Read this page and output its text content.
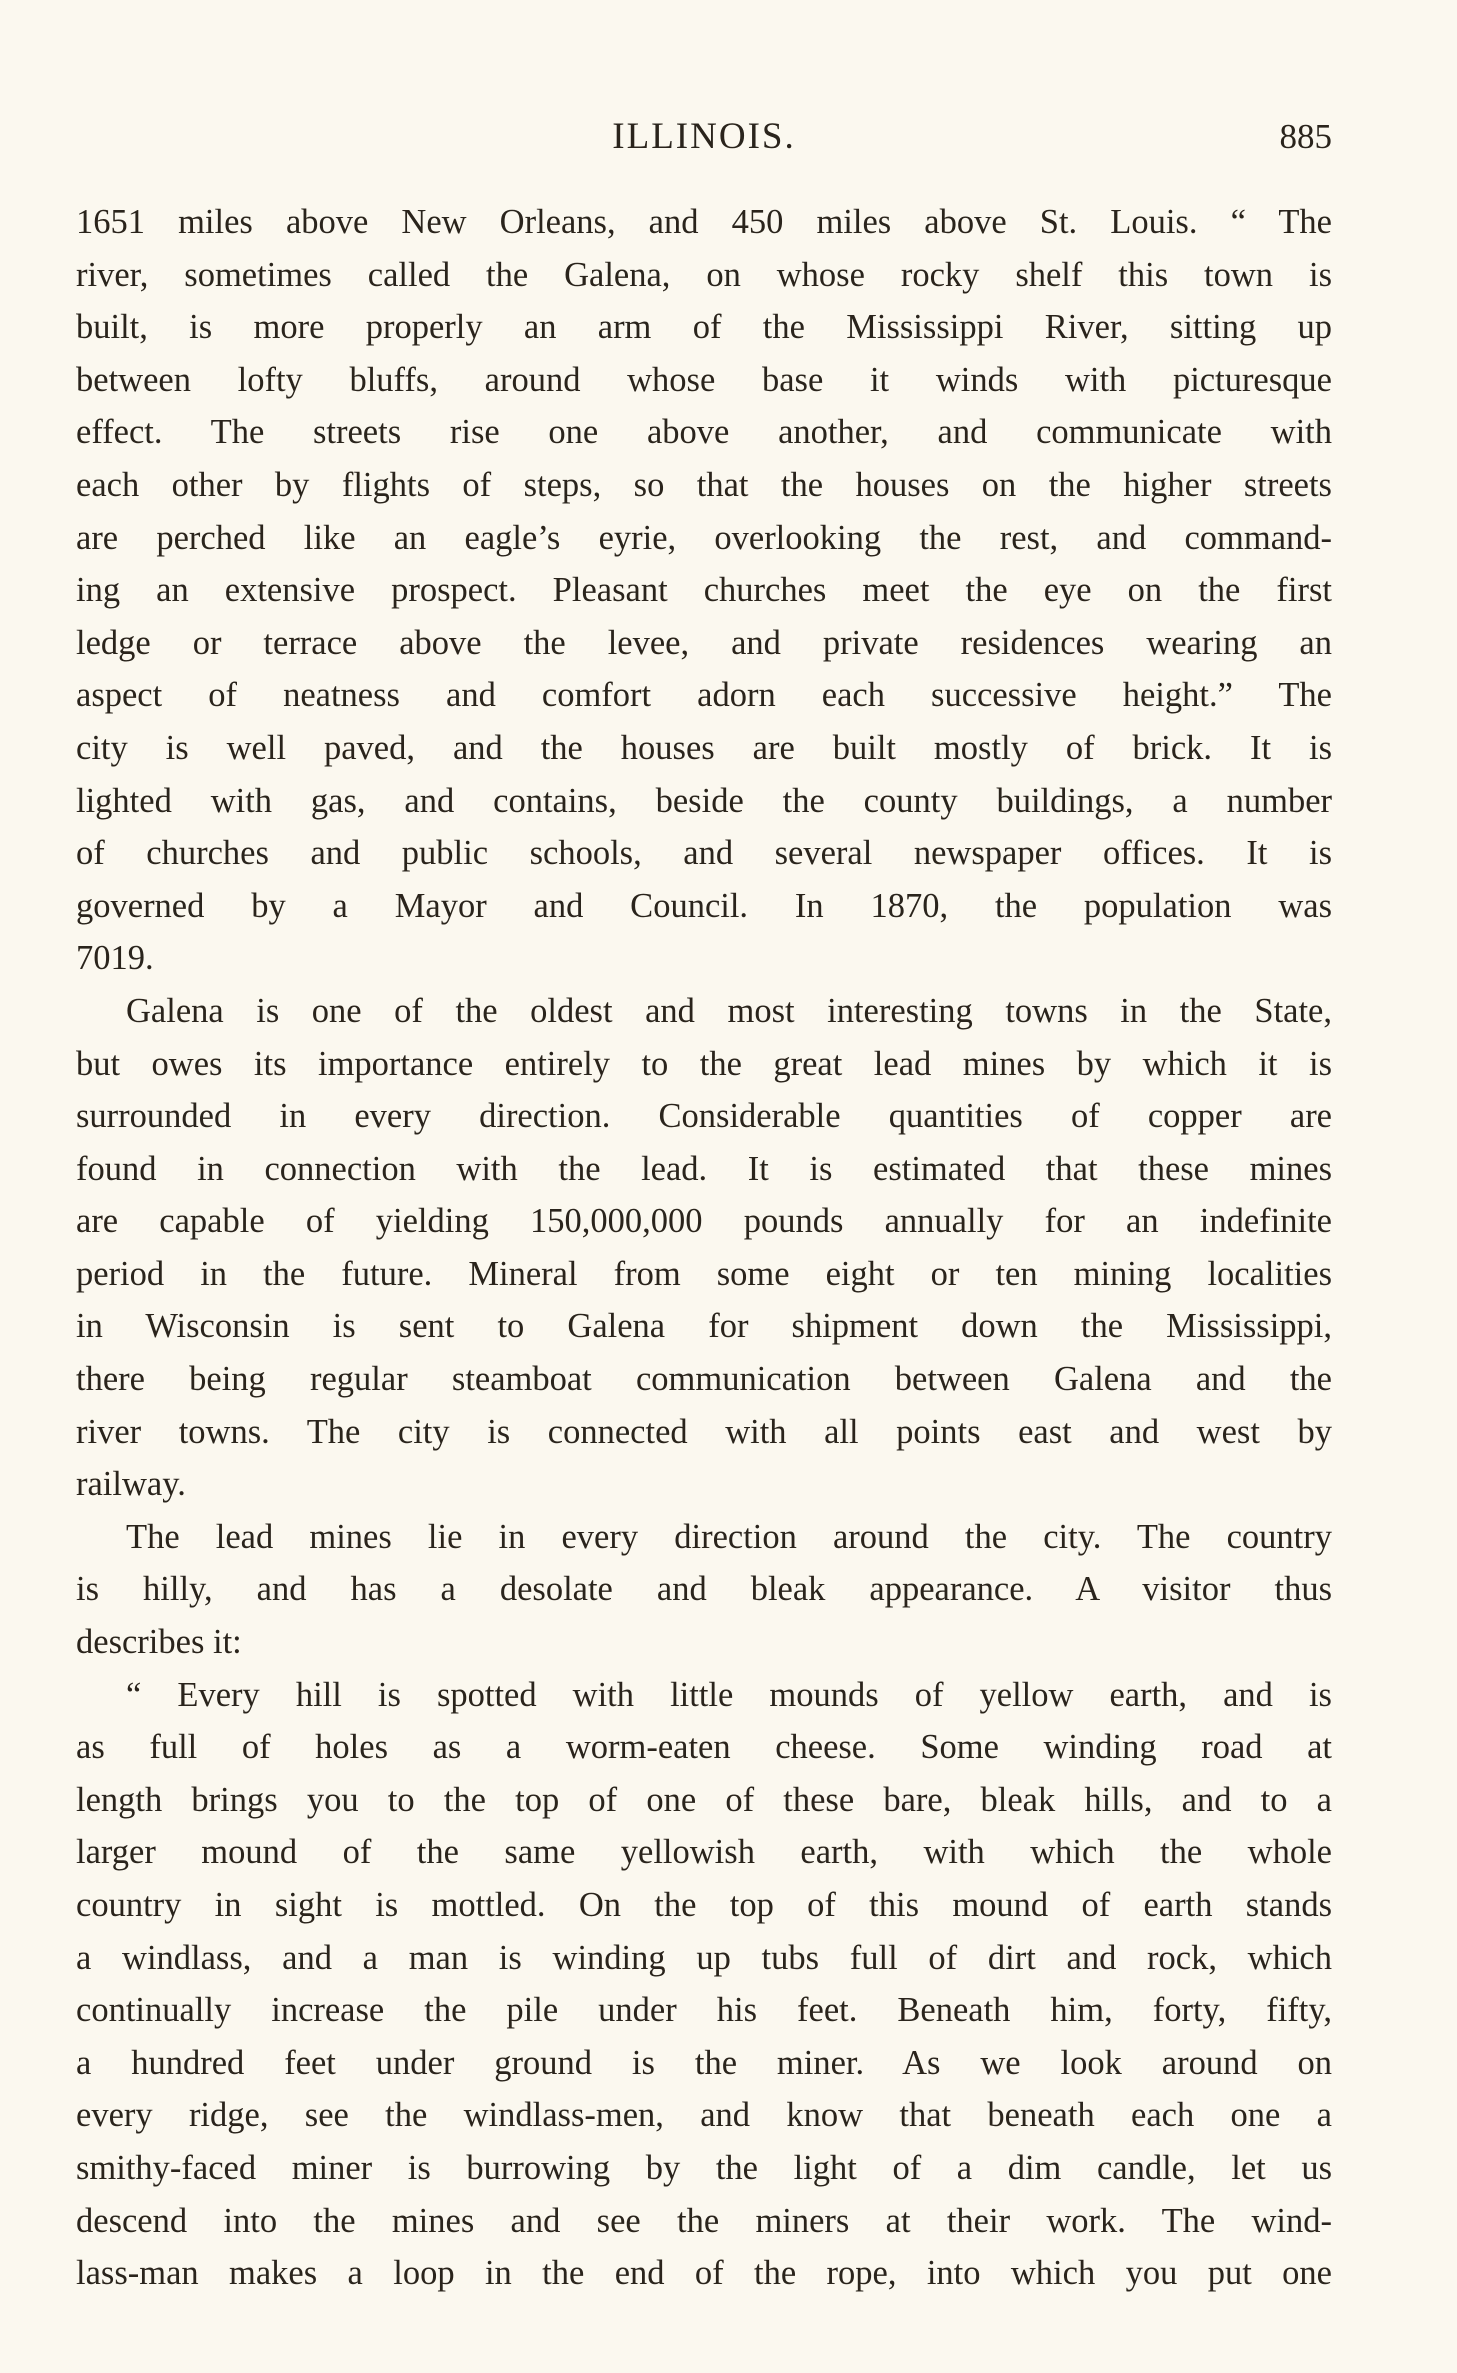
ILLINOIS.	885
1651 miles above New Orleans, and 450 miles above St. Louis. “ The
river, sometimes called the Galena, on whose rocky shelf this town is
built, is more properly an arm of the Mississippi River, sitting up
between lofty bluffs, around whose base it winds with picturesque
effect. The streets rise one above another, and communicate with
each other by flights of steps, so that the houses on the higher streets
are perched like an eagle’s eyrie, overlooking the rest, and command-
ing an extensive prospect. Pleasant churches meet the eye on the first
ledge or terrace above the levee, and private residences wearing an
aspect of neatness and comfort adorn each successive height.” The
city is well paved, and the houses are built mostly of brick. It is
lighted with gas, and contains, beside the county buildings, a number
of churches and public schools, and several newspaper offices. It is
governed by a Mayor and Council. In 1870, the population was
7019.
Galena is one of the oldest and most interesting towns in the State,
but owes its importance entirely to the great lead mines by which it is
surrounded in every direction. Considerable quantities of copper are
found in connection with the lead. It is estimated that these mines
are capable of yielding 150,000,000 pounds annually for an indefinite
period in the future. Mineral from some eight or ten mining localities
in Wisconsin is sent to Galena for shipment down the Mississippi,
there being regular steamboat communication between Galena and the
river towns. The city is connected with all points east and west by
railway.
The lead mines lie in every direction around the city. The country
is hilly, and has a desolate and bleak appearance. A visitor thus
describes it:
“ Every hill is spotted with little mounds of yellow earth, and is
as full of holes as a worm-eaten cheese. Some winding road at
length brings you to the top of one of these bare, bleak hills, and to a
larger mound of the same yellowish earth, with which the whole
country in sight is mottled. On the top of this mound of earth stands
a windlass, and a man is winding up tubs full of dirt and rock, which
continually increase the pile under his feet. Beneath him, forty, fifty,
a hundred feet under ground is the miner. As we look around on
every ridge, see the windlass-men, and know that beneath each one a
smithy-faced miner is burrowing by the light of a dim candle, let us
descend into the mines and see the miners at their work. The wind-
lass-man makes a loop in the end of the rope, into which you put one
